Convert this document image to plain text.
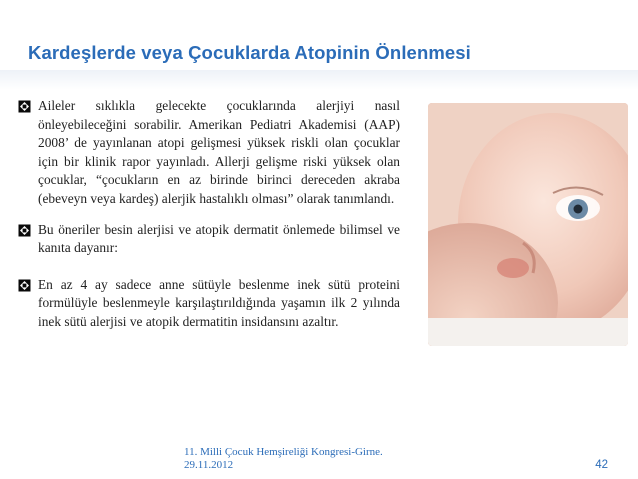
Kardeşlerde veya Çocuklarda Atopinin Önlenmesi
Aileler sıklıkla gelecekte çocuklarında alerjiyi nasıl önleyebileceğini sorabilir. Amerikan Pediatri Akademisi (AAP) 2008’ de yayınlanan atopi gelişmesi yüksek riskli olan çocuklar için bir klinik rapor yayınladı. Allerji gelişme riski yüksek olan çocuklar, “çocukların en az birinde birinci dereceden akraba (ebeveyn veya kardeş) alerjik hastalıklı olması” olarak tanımlandı.
Bu öneriler besin alerjisi ve atopik dermatit önlemede bilimsel ve kanıta dayanır:
En az 4 ay sadece anne sütüyle beslenme inek sütü proteini formülüyle beslenmeyle karşılaştırıldığında yaşamın ilk 2 yılında inek sütü alerjisi ve atopik dermatitin insidansını azaltır.
11. Milli Çocuk Hemşireliği Kongresi-Girne.
29.11.2012	42
